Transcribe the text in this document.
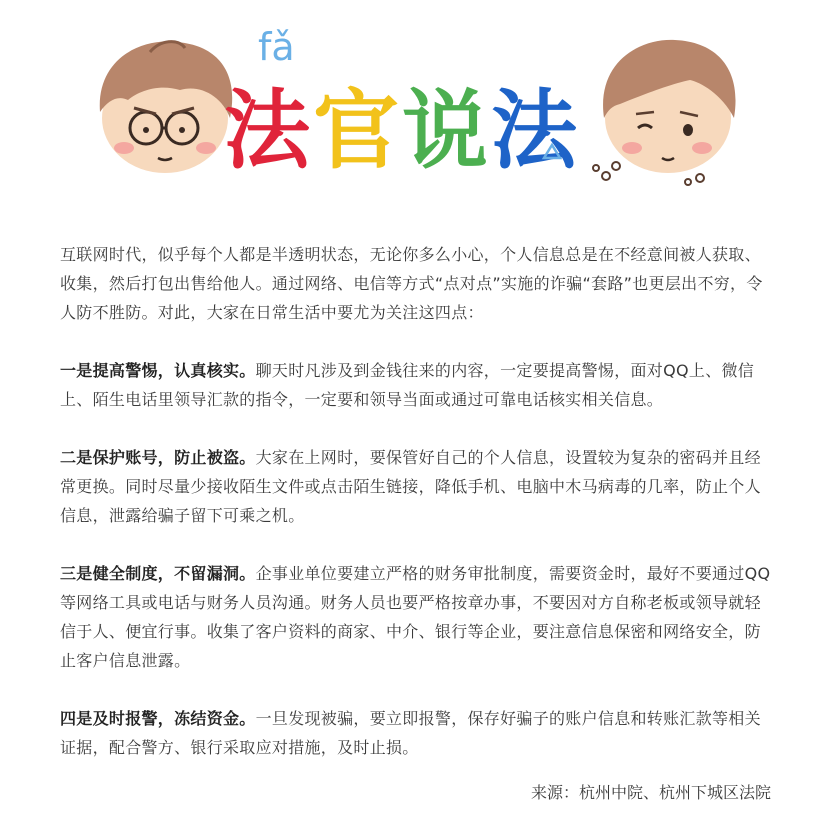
fǎ
法 官 说 法

互联网时代，似乎每个人都是半透明状态，无论你多么小心，个人信息总是在不经意间被人获取、收集，然后打包出售给他人。通过网络、电信等方式“点对点”实施的诈骗“套路”也更层出不穷，令人防不胜防。对此，大家在日常生活中要尤为关注这四点：

一是提高警惕，认真核实。聊天时凡涉及到金钱往来的内容，一定要提高警惕，面对QQ上、微信上、陌生电话里领导汇款的指令，一定要和领导当面或通过可靠电话核实相关信息。

二是保护账号，防止被盗。大家在上网时，要保管好自己的个人信息，设置较为复杂的密码并且经常更换。同时尽量少接收陌生文件或点击陌生链接，降低手机、电脑中木马病毒的几率，防止个人信息，泄露给骗子留下可乘之机。

三是健全制度，不留漏洞。企事业单位要建立严格的财务审批制度，需要资金时，最好不要通过QQ等网络工具或电话与财务人员沟通。财务人员也要严格按章办事，不要因对方自称老板或领导就轻信于人、便宜行事。收集了客户资料的商家、中介、银行等企业，要注意信息保密和网络安全，防止客户信息泄露。

四是及时报警，冻结资金。一旦发现被骗，要立即报警，保存好骗子的账户信息和转账汇款等相关证据，配合警方、银行采取应对措施，及时止损。

来源：杭州中院、杭州下城区法院
